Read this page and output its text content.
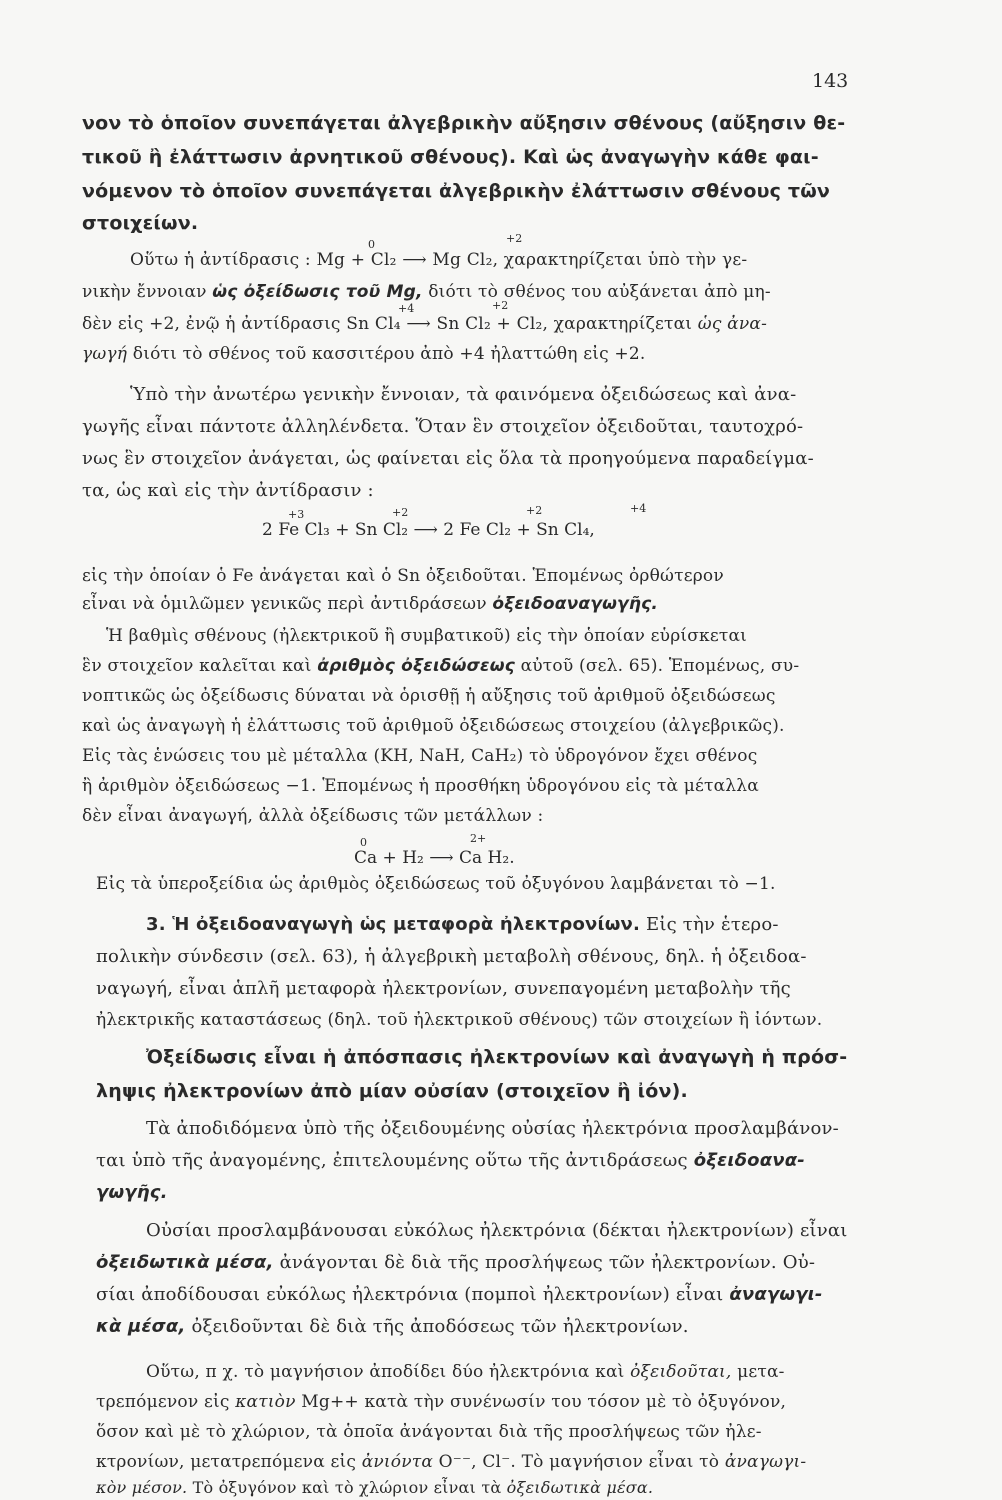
143
νον τὸ ὁποῖον συνεπάγεται ἀλγεβρικὴν αὔξησιν σθένους (αὔξησιν θε-
τικοῦ ἢ ἐλάττωσιν ἀρνητικοῦ σθένους). Καὶ ὡς ἀναγωγὴν κάθε φαι-
νόμενον τὸ ὁποῖον συνεπάγεται ἀλγεβρικὴν ἐλάττωσιν σθένους τῶν
στοιχείων.
0	+2
Οὕτω ἡ ἀντίδρασις : Mg + Cl₂ ⟶ Mg Cl₂, χαρακτηρίζεται ὑπὸ τὴν γε-
νικὴν ἔννοιαν ὡς ὀξείδωσις τοῦ Mg, διότι τὸ σθένος του αὐξάνεται ἀπὸ μη-
+4	+2
δὲν εἰς +2, ἐνῷ ἡ ἀντίδρασις Sn Cl₄ ⟶ Sn Cl₂ + Cl₂, χαρακτηρίζεται ὡς ἀνα-
γωγή διότι τὸ σθένος τοῦ κασσιτέρου ἀπὸ +4 ἠλαττώθη εἰς +2.
Ὑπὸ τὴν ἀνωτέρω γενικὴν ἔννοιαν, τὰ φαινόμενα ὀξειδώσεως καὶ ἀνα-
γωγῆς εἶναι πάντοτε ἀλληλένδετα. Ὅταν ἓν στοιχεῖον ὀξειδοῦται, ταυτοχρό-
νως ἓν στοιχεῖον ἀνάγεται, ὡς φαίνεται εἰς ὅλα τὰ προηγούμενα παραδείγμα-
τα, ὡς καὶ εἰς τὴν ἀντίδρασιν :
+3	+2	+2	+4
2 Fe Cl₃ + Sn Cl₂ ⟶ 2 Fe Cl₂ + Sn Cl₄,
εἰς τὴν ὁποίαν ὁ Fe ἀνάγεται καὶ ὁ Sn ὀξειδοῦται. Ἑπομένως ὀρθώτερον
εἶναι νὰ ὁμιλῶμεν γενικῶς περὶ ἀντιδράσεων ὀξειδοαναγωγῆς.
Ἡ βαθμὶς σθένους (ἠλεκτρικοῦ ἢ συμβατικοῦ) εἰς τὴν ὁποίαν εὑρίσκεται
ἓν στοιχεῖον καλεῖται καὶ ἀριθμὸς ὀξειδώσεως αὐτοῦ (σελ. 65). Ἑπομένως, συ-
νοπτικῶς ὡς ὀξείδωσις δύναται νὰ ὁρισθῇ ἡ αὔξησις τοῦ ἀριθμοῦ ὀξειδώσεως
καὶ ὡς ἀναγωγὴ ἡ ἐλάττωσις τοῦ ἀριθμοῦ ὀξειδώσεως στοιχείου (ἀλγεβρικῶς).
Εἰς τὰς ἑνώσεις του μὲ μέταλλα (KH, NaH, CaH₂) τὸ ὑδρογόνον ἔχει σθένος
ἢ ἀριθμὸν ὀξειδώσεως −1. Ἑπομένως ἡ προσθήκη ὑδρογόνου εἰς τὰ μέταλλα
δὲν εἶναι ἀναγωγή, ἀλλὰ ὀξείδωσις τῶν μετάλλων :
0	2+
Ca + H₂ ⟶ Ca H₂.
Εἰς τὰ ὑπεροξείδια ὡς ἀριθμὸς ὀξειδώσεως τοῦ ὀξυγόνου λαμβάνεται τὸ −1.
3. Ἡ ὀξειδοαναγωγὴ ὡς μεταφορὰ ἠλεκτρονίων. Εἰς τὴν ἑτερο-
πολικὴν σύνδεσιν (σελ. 63), ἡ ἀλγεβρικὴ μεταβολὴ σθένους, δηλ. ἡ ὀξειδοα-
ναγωγή, εἶναι ἁπλῆ μεταφορὰ ἠλεκτρονίων, συνεπαγομένη μεταβολὴν τῆς
ἠλεκτρικῆς καταστάσεως (δηλ. τοῦ ἠλεκτρικοῦ σθένους) τῶν στοιχείων ἢ ἰόντων.
Ὀξείδωσις εἶναι ἡ ἀπόσπασις ἠλεκτρονίων καὶ ἀναγωγὴ ἡ πρόσ-
ληψις ἠλεκτρονίων ἀπὸ μίαν οὐσίαν (στοιχεῖον ἢ ἰόν).
Τὰ ἀποδιδόμενα ὑπὸ τῆς ὀξειδουμένης οὐσίας ἠλεκτρόνια προσλαμβάνον-
ται ὑπὸ τῆς ἀναγομένης, ἐπιτελουμένης οὕτω τῆς ἀντιδράσεως ὀξειδοανα-
γωγῆς.
Οὐσίαι προσλαμβάνουσαι εὐκόλως ἠλεκτρόνια (δέκται ἠλεκτρονίων) εἶναι
ὀξειδωτικὰ μέσα, ἀνάγονται δὲ διὰ τῆς προσλήψεως τῶν ἠλεκτρονίων. Οὐ-
σίαι ἀποδίδουσαι εὐκόλως ἠλεκτρόνια (πομποὶ ἠλεκτρονίων) εἶναι ἀναγωγι-
κὰ μέσα, ὀξειδοῦνται δὲ διὰ τῆς ἀποδόσεως τῶν ἠλεκτρονίων.
Οὕτω, π χ. τὸ μαγνήσιον ἀποδίδει δύο ἠλεκτρόνια καὶ ὀξειδοῦται, μετα-
τρεπόμενον εἰς κατιὸν Mg++ κατὰ τὴν συνένωσίν του τόσον μὲ τὸ ὀξυγόνον,
ὅσον καὶ μὲ τὸ χλώριον, τὰ ὁποῖα ἀνάγονται διὰ τῆς προσλήψεως τῶν ἠλε-
κτρονίων, μετατρεπόμενα εἰς ἀνιόντα O⁻⁻, Cl⁻. Τὸ μαγνήσιον εἶναι τὸ ἀναγωγι-
κὸν μέσον. Τὸ ὀξυγόνον καὶ τὸ χλώριον εἶναι τὰ ὀξειδωτικὰ μέσα.
